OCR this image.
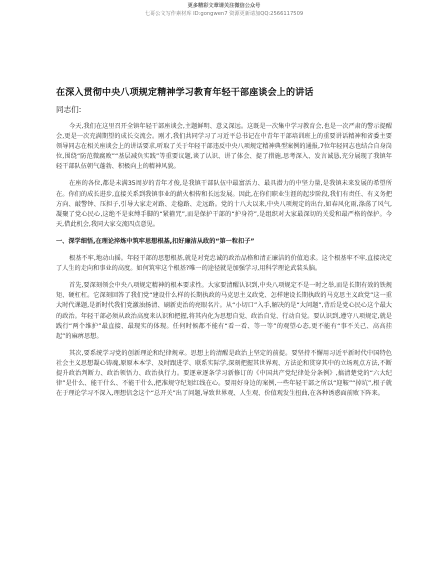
更多精彩文章请关注微信公众号
七哥公文写作素材库 ID:gongwen7 资源更新请加QQ:2566117509
在深入贯彻中央八项规定精神学习教育年轻干部座谈会上的讲话
同志们:

今天,我们在这里召开全镇年轻干部座谈会,主题鲜明、意义深远。这既是一次集中学习教育会,也是一次严肃的警示提醒会,更是一次充满期望的成长交流会。刚才,我们共同学习了习近平总书记在中青年干部培训班上的重要讲话精神和省委主要领导同志在相关座谈会上的讲话要求,听取了关于年轻干部违反中央八项规定精神典型案例的通报,7位年轻同志也结合自身岗位,围绕“防范微腐败”“基层减负实践”等重要议题,谈了认识、讲了体会、提了措施,思考深入、发言诚恳,充分展现了我镇年轻干部队伍朝气蓬勃、积极向上的精神风貌。

在座的各位,都是未满35周岁的青年才俊,是我镇干部队伍中最富活力、最具潜力的中坚力量,是我镇未来发展的希望所在。你们的成长进步,直接关系到我镇事业的薪火相传和长远发展。因此,在你们职业生涯的起步阶段,我们有责任、有义务把方向、敲警钟、压担子,引导大家走对路、走稳路、走远路。党的十八大以来,中央八项规定的出台,如春风化雨,涤荡了风气,凝聚了党心民心,这绝不是束缚手脚的“紧箍咒”,而是保护干部的“护身符”,是组织对大家最深切的关爱和最严格的保护。今天,借此机会,我同大家交流四点意见。

一、深学细悟,在理论淬炼中筑牢思想根基,扣好廉洁从政的“第一粒扣子”

根基不牢,地动山摇。年轻干部的思想根基,就是对党忠诚的政治品格和清正廉洁的价值追求。这个根基牢不牢,直接决定了人生的走向和事业的高度。如何筑牢这个根基?唯一的途径就是加强学习,用科学理论武装头脑。

首先,要深刻领会中央八项规定精神的根本要求性。大家要清醒认识到,中央八项规定不是一时之举,而是长期有效的铁规矩、硬杠杠。它深刻回答了我们党“建设什么样的长期执政的马克思主义政党、怎样建设长期执政的马克思主义政党”这一重大时代课题,是新时代我们党激浊扬清、刷新吏治的亮眼名片。从“小切口”入手,解决的是“大问题”,背后是党心民心这个最大的政治。年轻干部必须从政治高度来认识和把握,将其内化为思想自觉、政治自觉、行动自觉。要认识到,遵守八项规定,就是践行“两个维护”最直接、最现实的体现。任何时候都不能有“看一看、等一等”的观望心态,更不能有“事不关己、高高挂起”的麻痹思想。

其次,要系统学习党的创新理论和纪律规章。思想上的清醒是政治上坚定的前提。要坚持不懈用习近平新时代中国特色社会主义思想凝心铸魂,原原本本学、及时跟进学、联系实际学,深刻把握其世界观、方法论和贯穿其中的立场观点方法,不断提升政治判断力、政治领悟力、政治执行力。要逐章逐条学习新修订的《中国共产党纪律处分条例》,搞清楚党的“六大纪律”是什么、能干什么、不能干什么,把准规守纪划红线在心。要用好身边的案例,一些年轻干部之所以“迎鞍”“掉坑”,根子就在于理论学习不深入,理想信念这个“总开关”出了问题,导致世界观、人生观、价值观发生扭曲,在各种诱惑面前败下阵来。
